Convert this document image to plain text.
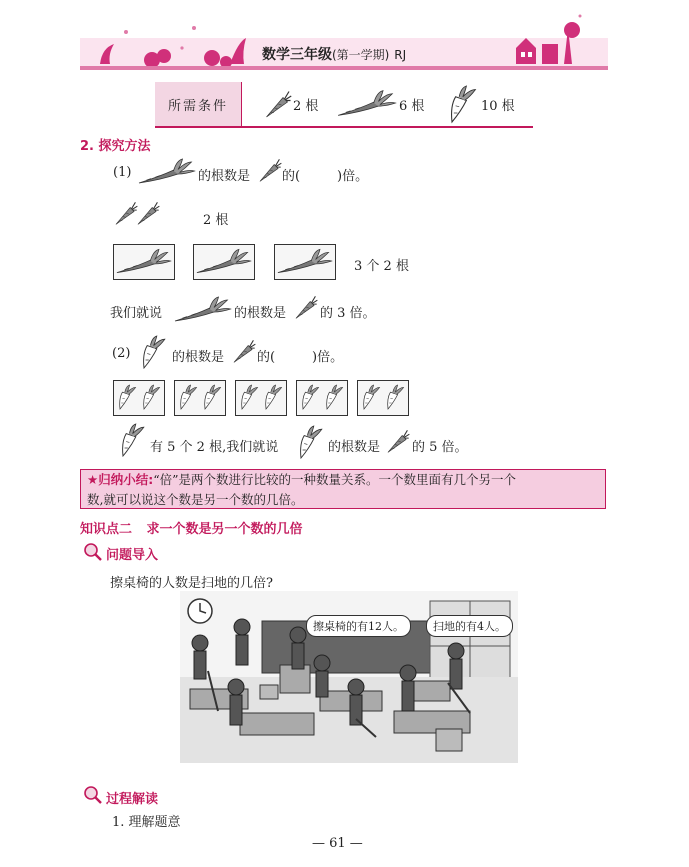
数学三年级(第一学期) RJ
所需条件	2 根	6 根	10 根
2. 探究方法
(1)	的根数是 的(	)倍。
2 根
3 个 2 根
我们就说	的根数是	的 3 倍。
(2)	的根数是	的(	)倍。
有 5 个 2 根,我们就说	的根数是 的 5 倍。
★归纳小结:“倍”是两个数进行比较的一种数量关系。一个数里面有几个另一个
数,就可以说这个数是另一个数的几倍。
知识点二 求一个数是另一个数的几倍
问题导入
擦桌椅的人数是扫地的几倍?
擦桌椅的有12人。	扫地的有4人。
过程解读
1. 理解题意
— 61 —
